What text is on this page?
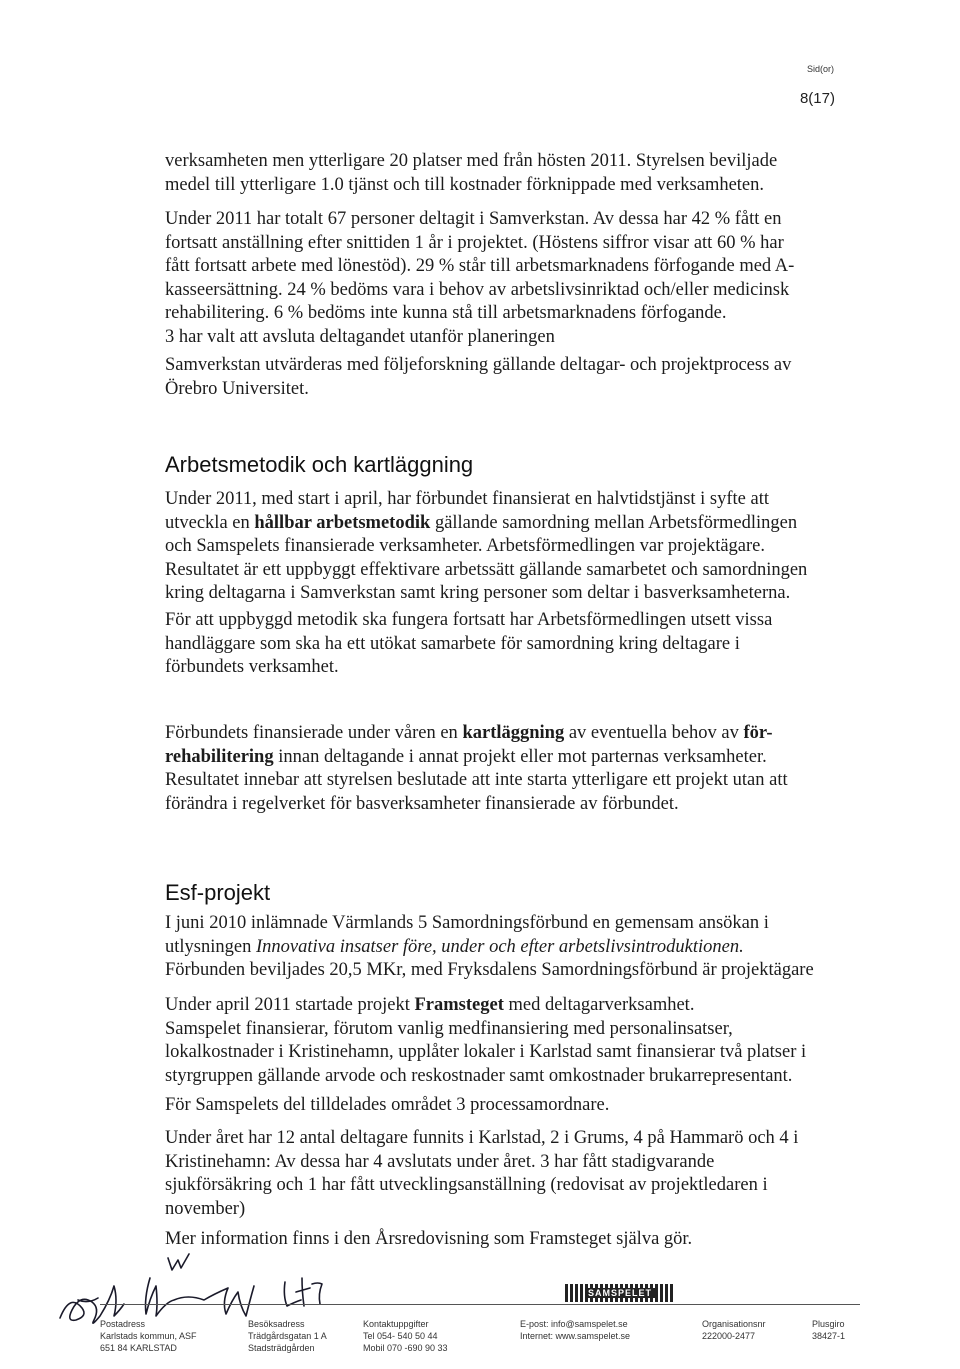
Sid(or)
8(17)
verksamheten men ytterligare 20 platser med från hösten 2011. Styrelsen beviljade
medel till ytterligare 1.0 tjänst och till kostnader förknippade med verksamheten.
Under 2011 har totalt 67 personer deltagit i Samverkstan. Av dessa har 42 % fått en
fortsatt anställning efter snittiden 1 år i projektet. (Höstens siffror visar att 60 % har
fått fortsatt arbete med lönestöd). 29 % står till arbetsmarknadens förfogande med A-
kasseersättning. 24 % bedöms vara i behov av arbetslivsinriktad och/eller medicinsk
rehabilitering. 6 % bedöms inte kunna stå till arbetsmarknadens förfogande.
3 har valt att avsluta deltagandet utanför planeringen
Samverkstan utvärderas med följeforskning gällande deltagar- och projektprocess av
Örebro Universitet.
Arbetsmetodik och kartläggning
Under 2011, med start i april, har förbundet finansierat en halvtidstjänst i syfte att
utveckla en hållbar arbetsmetodik gällande samordning mellan Arbetsförmedlingen
och Samspelets finansierade verksamheter. Arbetsförmedlingen var projektägare.
Resultatet är ett uppbyggt effektivare arbetssätt gällande samarbetet och samordningen
kring deltagarna i Samverkstan samt kring personer som deltar i basverksamheterna.
För att uppbyggd metodik ska fungera fortsatt har Arbetsförmedlingen utsett vissa
handläggare som ska ha ett utökat samarbete för samordning kring deltagare i
förbundets verksamhet.
Förbundets finansierade under våren en kartläggning av eventuella behov av för-
rehabilitering innan deltagande i annat projekt eller mot parternas verksamheter.
Resultatet innebar att styrelsen beslutade att inte starta ytterligare ett projekt utan att
förändra i regelverket för basverksamheter finansierade av förbundet.
Esf-projekt
I juni 2010 inlämnade Värmlands 5 Samordningsförbund en gemensam ansökan i
utlysningen Innovativa insatser före, under och efter arbetslivsintroduktionen.
Förbunden beviljades 20,5 MKr, med Fryksdalens Samordningsförbund är projektägare
Under april 2011 startade projekt Framsteget med deltagarverksamhet.
Samspelet finansierar, förutom vanlig medfinansiering med personalinsatser,
lokalkostnader i Kristinehamn, upplåter lokaler i Karlstad samt finansierar två platser i
styrgruppen gällande arvode och reskostnader samt omkostnader brukarrepresentant.
För Samspelets del tilldelades området 3 processamordnare.
Under året har 12 antal deltagare funnits i Karlstad, 2 i Grums, 4 på Hammarö och 4 i
Kristinehamn: Av dessa har 4 avslutats under året. 3 har fått stadigvarande
sjukförsäkring och 1 har fått utvecklingsanställning (redovisat av projektledaren i
november)
Mer information finns i den Årsredovisning som Framsteget själva gör.
SAMSPELET
Postadress
Karlstads kommun, ASF
651 84 KARLSTAD
Besöksadress
Trädgårdsgatan 1 A
Stadsträdgården
Kontaktuppgifter
Tel 054- 540 50 44
Mobil 070 -690 90 33
E-post: info@samspelet.se
Internet: www.samspelet.se
Organisationsnr
222000-2477
Plusgiro
38427-1
